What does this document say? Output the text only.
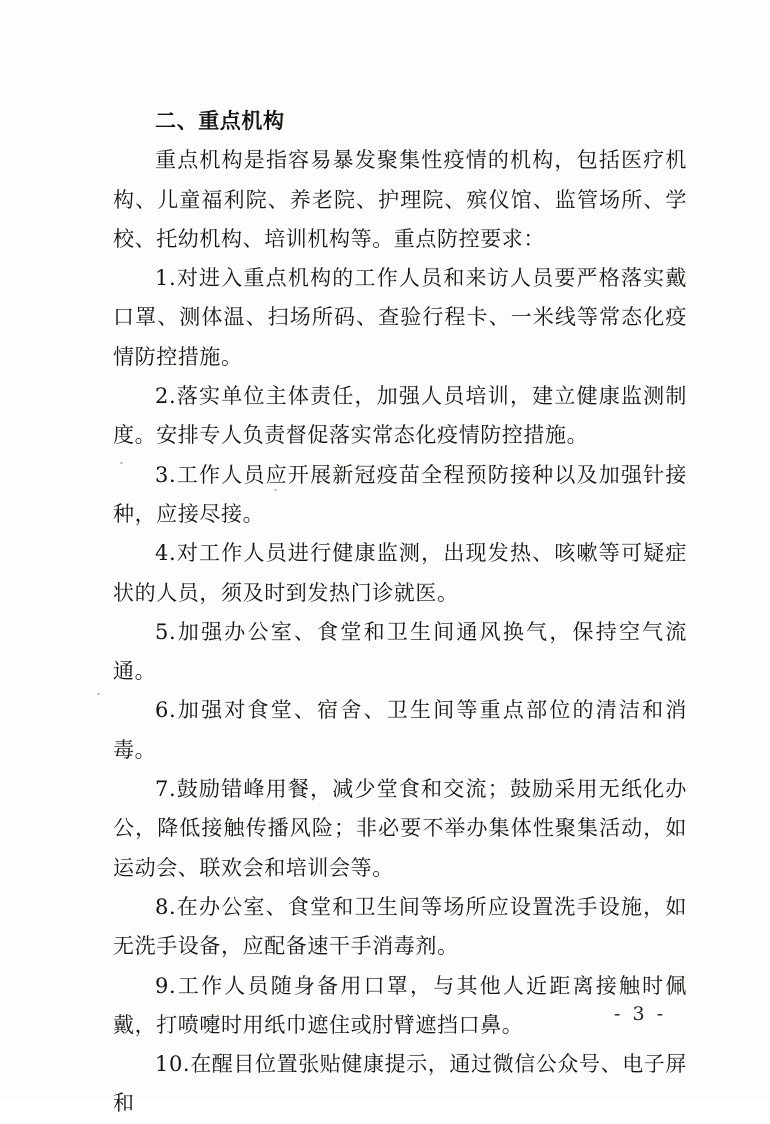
二、重点机构

重点机构是指容易暴发聚集性疫情的机构，包括医疗机构、儿童福利院、养老院、护理院、殡仪馆、监管场所、学校、托幼机构、培训机构等。重点防控要求：

1.对进入重点机构的工作人员和来访人员要严格落实戴口罩、测体温、扫场所码、查验行程卡、一米线等常态化疫情防控措施。

2.落实单位主体责任，加强人员培训，建立健康监测制度。安排专人负责督促落实常态化疫情防控措施。

3.工作人员应开展新冠疫苗全程预防接种以及加强针接种，应接尽接。

4.对工作人员进行健康监测，出现发热、咳嗽等可疑症状的人员，须及时到发热门诊就医。

5.加强办公室、食堂和卫生间通风换气，保持空气流通。

6.加强对食堂、宿舍、卫生间等重点部位的清洁和消毒。

7.鼓励错峰用餐，减少堂食和交流；鼓励采用无纸化办公，降低接触传播风险；非必要不举办集体性聚集活动，如运动会、联欢会和培训会等。

8.在办公室、食堂和卫生间等场所应设置洗手设施，如无洗手设备，应配备速干手消毒剂。

9.工作人员随身备用口罩，与其他人近距离接触时佩戴，打喷嚏时用纸巾遮住或肘臂遮挡口鼻。

10.在醒目位置张贴健康提示，通过微信公众号、电子屏和

- 3 -
